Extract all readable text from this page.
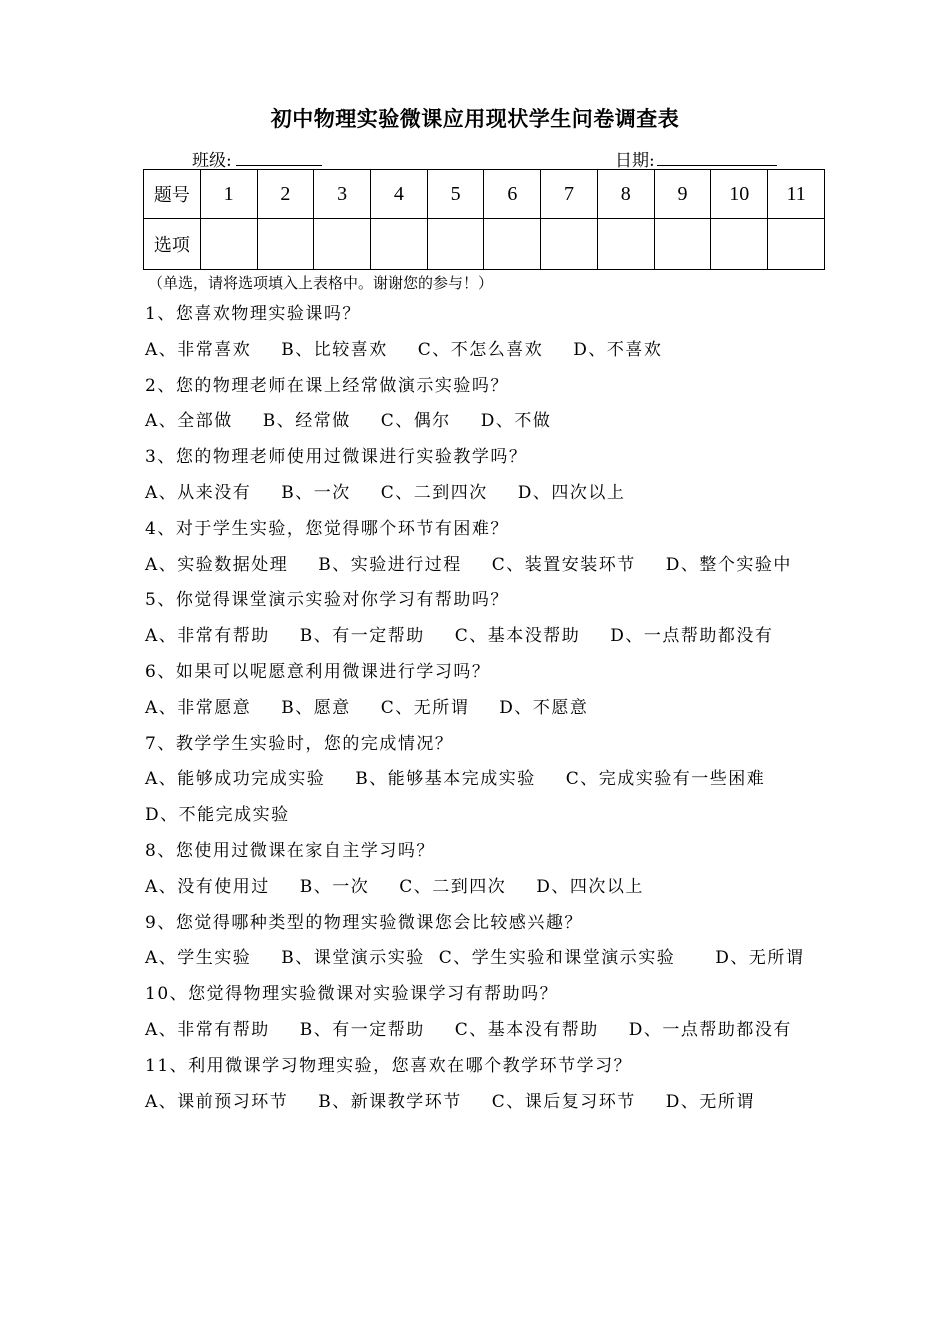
初中物理实验微课应用现状学生问卷调查表
班级:	日期:
题号	1	2	3	4	5	6	7	8	9	10	11
选项											
（单选，请将选项填入上表格中。谢谢您的参与！）
1、您喜欢物理实验课吗？
A、非常喜欢 B、比较喜欢 C、不怎么喜欢 D、不喜欢
2、您的物理老师在课上经常做演示实验吗？
A、全部做 B、经常做 C、偶尔 D、不做
3、您的物理老师使用过微课进行实验教学吗？
A、从来没有 B、一次 C、二到四次 D、四次以上
4、对于学生实验，您觉得哪个环节有困难？
A、实验数据处理 B、实验进行过程 C、装置安装环节 D、整个实验中
5、你觉得课堂演示实验对你学习有帮助吗？
A、非常有帮助 B、有一定帮助 C、基本没帮助 D、一点帮助都没有
6、如果可以呢愿意利用微课进行学习吗？
A、非常愿意 B、愿意 C、无所谓 D、不愿意
7、教学学生实验时，您的完成情况？
A、能够成功完成实验 B、能够基本完成实验 C、完成实验有一些困难
D、不能完成实验
8、您使用过微课在家自主学习吗？
A、没有使用过 B、一次 C、二到四次 D、四次以上
9、您觉得哪种类型的物理实验微课您会比较感兴趣？
A、学生实验 B、课堂演示实验 C、学生实验和课堂演示实验 D、无所谓
10、您觉得物理实验微课对实验课学习有帮助吗？
A、非常有帮助 B、有一定帮助 C、基本没有帮助 D、一点帮助都没有
11、利用微课学习物理实验，您喜欢在哪个教学环节学习？
A、课前预习环节 B、新课教学环节 C、课后复习环节 D、无所谓
